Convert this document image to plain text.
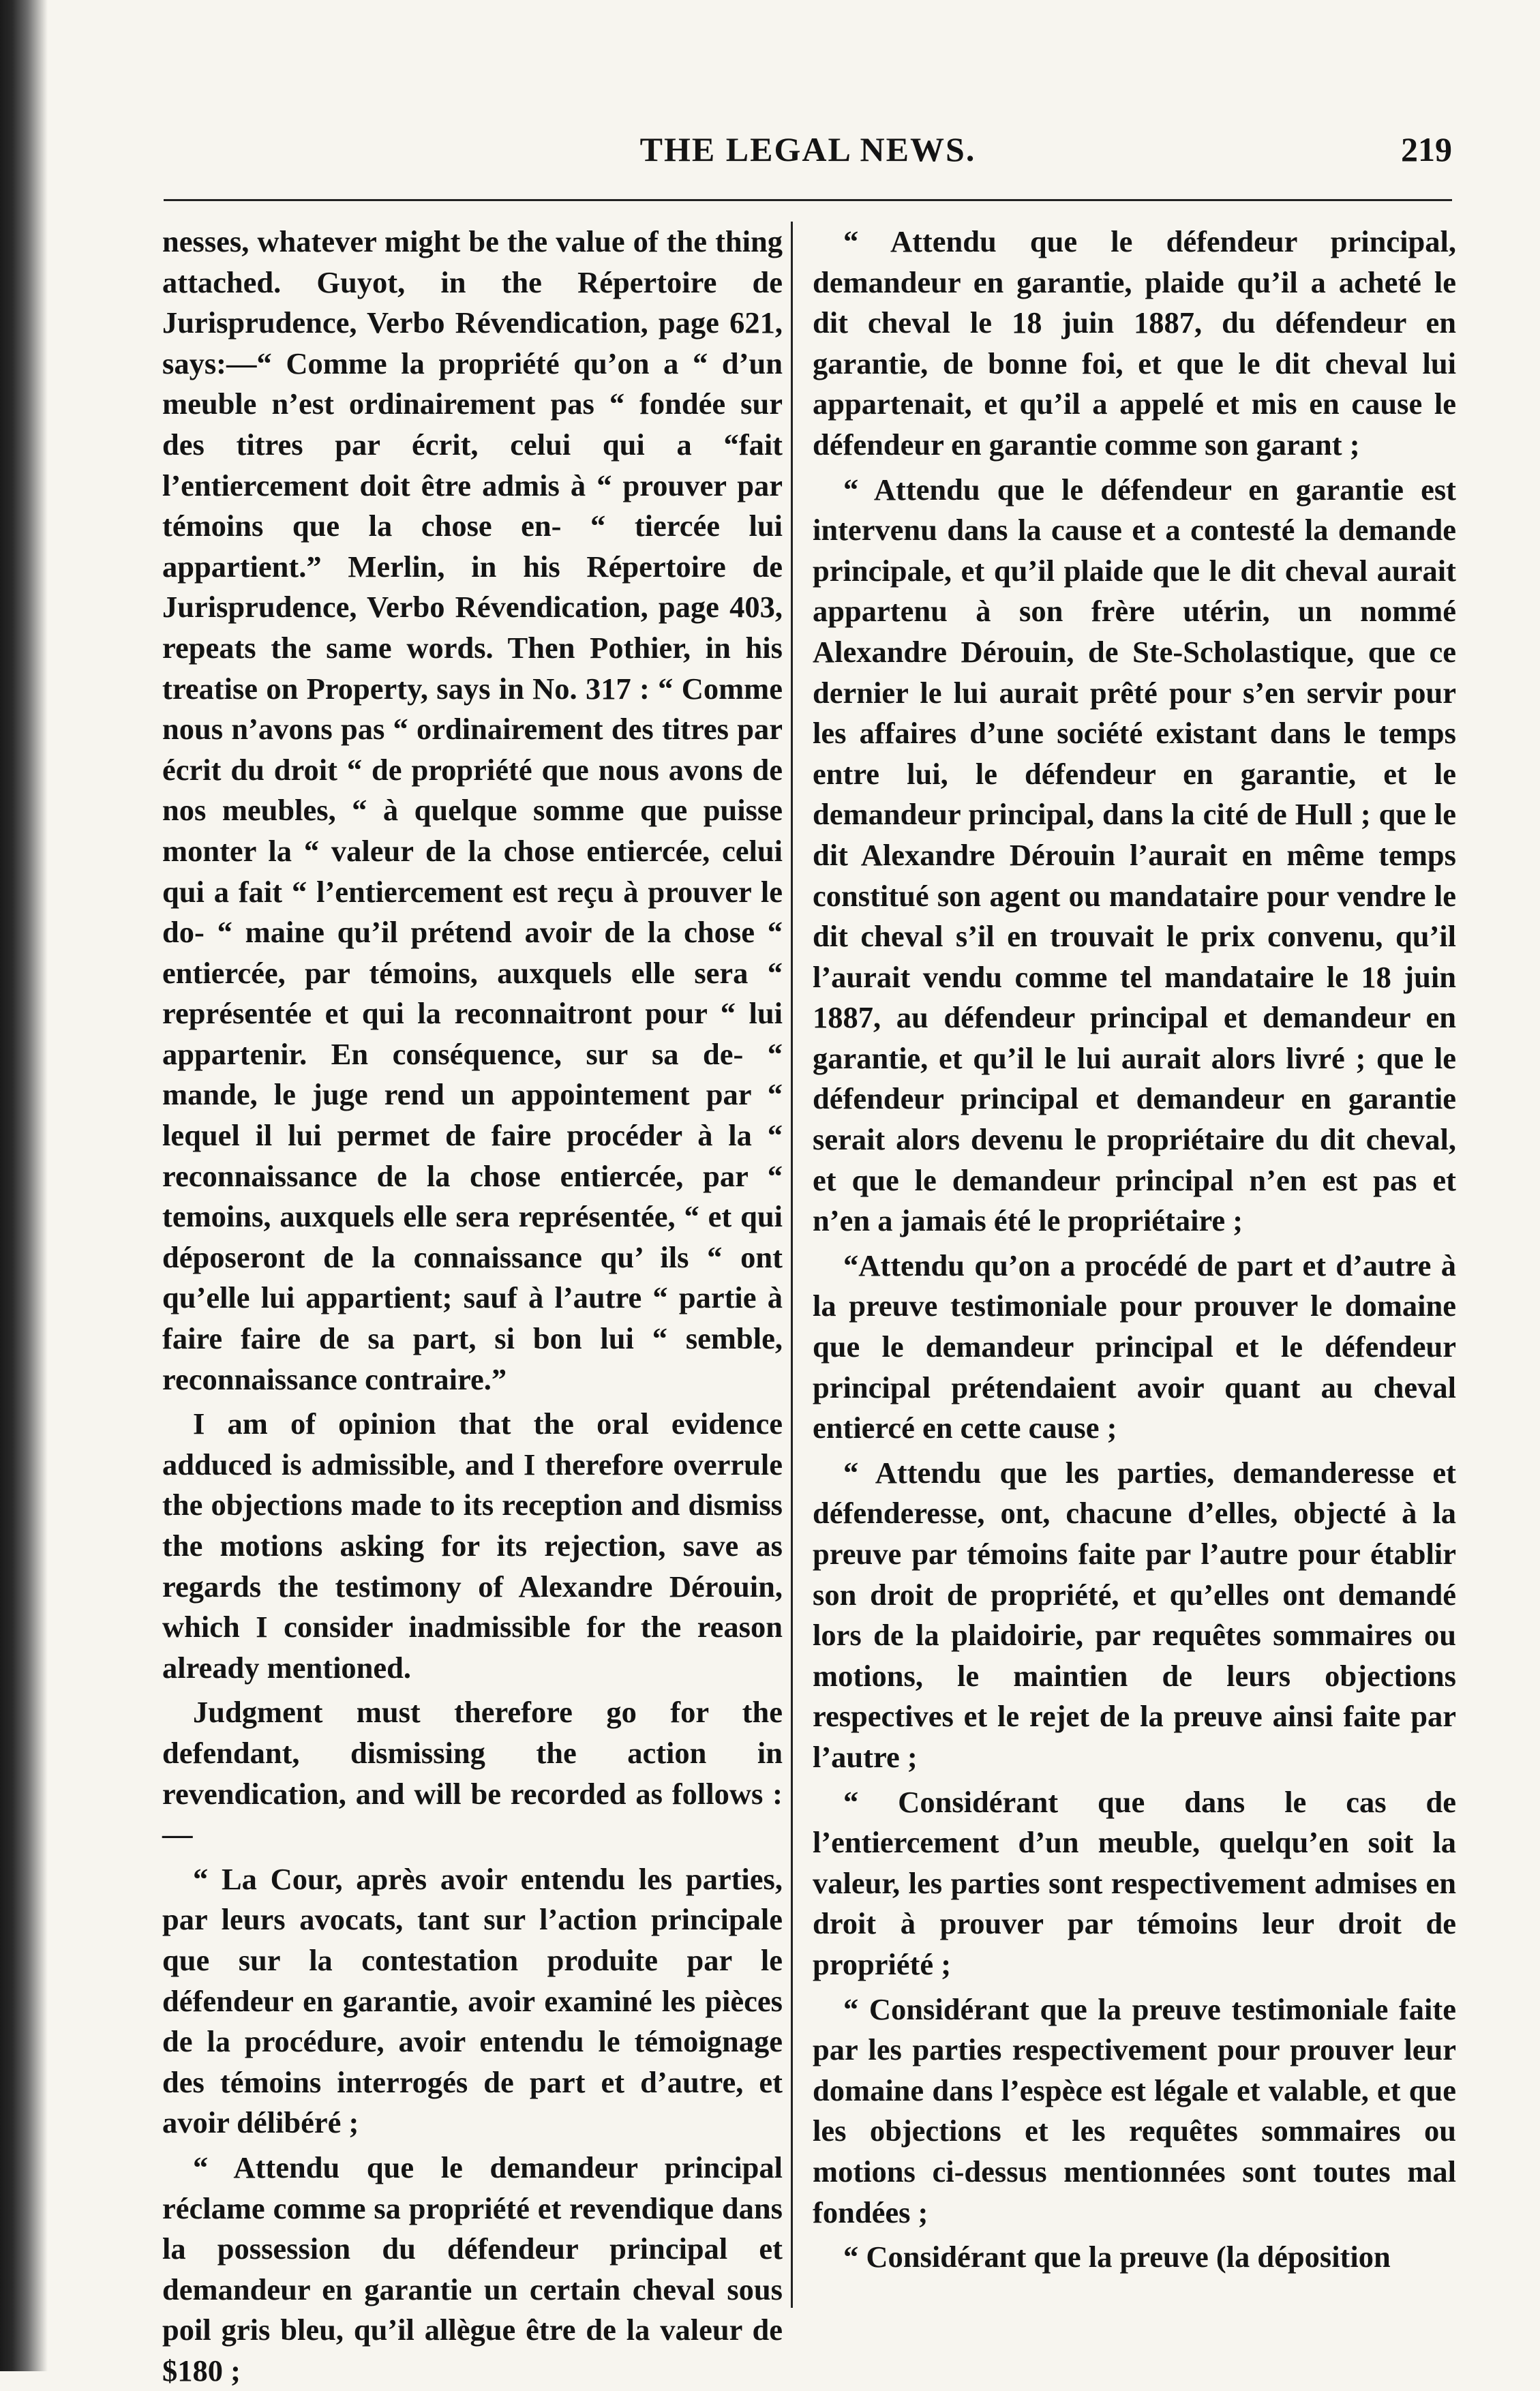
THE LEGAL NEWS.	219

nesses, whatever might be the value of the thing attached. Guyot, in the Répertoire de Jurisprudence, Verbo Révendication, page 621, says:—“ Comme la propriété qu’on a “ d’un meuble n’est ordinairement pas “ fondée sur des titres par écrit, celui qui a “fait l’entiercement doit être admis à “ prouver par témoins que la chose en- “ tiercée lui appartient.” Merlin, in his Répertoire de Jurisprudence, Verbo Révendication, page 403, repeats the same words. Then Pothier, in his treatise on Property, says in No. 317 : “ Comme nous n’avons pas “ ordinairement des titres par écrit du droit “ de propriété que nous avons de nos meubles, “ à quelque somme que puisse monter la “ valeur de la chose entiercée, celui qui a fait “ l’entiercement est reçu à prouver le do- “ maine qu’il prétend avoir de la chose “ entiercée, par témoins, auxquels elle sera “ représentée et qui la reconnaitront pour “ lui appartenir. En conséquence, sur sa de- “ mande, le juge rend un appointement par “ lequel il lui permet de faire procéder à la “ reconnaissance de la chose entiercée, par “ temoins, auxquels elle sera représentée, “ et qui déposeront de la connaissance qu’ ils “ ont qu’elle lui appartient; sauf à l’autre “ partie à faire faire de sa part, si bon lui “ semble, reconnaissance contraire.”

I am of opinion that the oral evidence adduced is admissible, and I therefore overrule the objections made to its reception and dismiss the motions asking for its rejection, save as regards the testimony of Alexandre Dérouin, which I consider inadmissible for the reason already mentioned.

Judgment must therefore go for the defendant, dismissing the action in revendication, and will be recorded as follows :—

“ La Cour, après avoir entendu les parties, par leurs avocats, tant sur l’action principale que sur la contestation produite par le défendeur en garantie, avoir examiné les pièces de la procédure, avoir entendu le témoignage des témoins interrogés de part et d’autre, et avoir délibéré ;

“ Attendu que le demandeur principal réclame comme sa propriété et revendique dans la possession du défendeur principal et demandeur en garantie un certain cheval sous poil gris bleu, qu’il allègue être de la valeur de $180 ;

“ Attendu que le défendeur principal, demandeur en garantie, plaide qu’il a acheté le dit cheval le 18 juin 1887, du défendeur en garantie, de bonne foi, et que le dit cheval lui appartenait, et qu’il a appelé et mis en cause le défendeur en garantie comme son garant ;

“ Attendu que le défendeur en garantie est intervenu dans la cause et a contesté la demande principale, et qu’il plaide que le dit cheval aurait appartenu à son frère utérin, un nommé Alexandre Dérouin, de Ste-Scholastique, que ce dernier le lui aurait prêté pour s’en servir pour les affaires d’une société existant dans le temps entre lui, le défendeur en garantie, et le demandeur principal, dans la cité de Hull ; que le dit Alexandre Dérouin l’aurait en même temps constitué son agent ou mandataire pour vendre le dit cheval s’il en trouvait le prix convenu, qu’il l’aurait vendu comme tel mandataire le 18 juin 1887, au défendeur principal et demandeur en garantie, et qu’il le lui aurait alors livré ; que le défendeur principal et demandeur en garantie serait alors devenu le propriétaire du dit cheval, et que le demandeur principal n’en est pas et n’en a jamais été le propriétaire ;

“Attendu qu’on a procédé de part et d’autre à la preuve testimoniale pour prouver le domaine que le demandeur principal et le défendeur principal prétendaient avoir quant au cheval entiercé en cette cause ;

“ Attendu que les parties, demanderesse et défenderesse, ont, chacune d’elles, objecté à la preuve par témoins faite par l’autre pour établir son droit de propriété, et qu’elles ont demandé lors de la plaidoirie, par requêtes sommaires ou motions, le maintien de leurs objections respectives et le rejet de la preuve ainsi faite par l’autre ;

“ Considérant que dans le cas de l’entiercement d’un meuble, quelqu’en soit la valeur, les parties sont respectivement admises en droit à prouver par témoins leur droit de propriété ;

“ Considérant que la preuve testimoniale faite par les parties respectivement pour prouver leur domaine dans l’espèce est légale et valable, et que les objections et les requêtes sommaires ou motions ci-dessus mentionnées sont toutes mal fondées ;

“ Considérant que la preuve (la déposition
